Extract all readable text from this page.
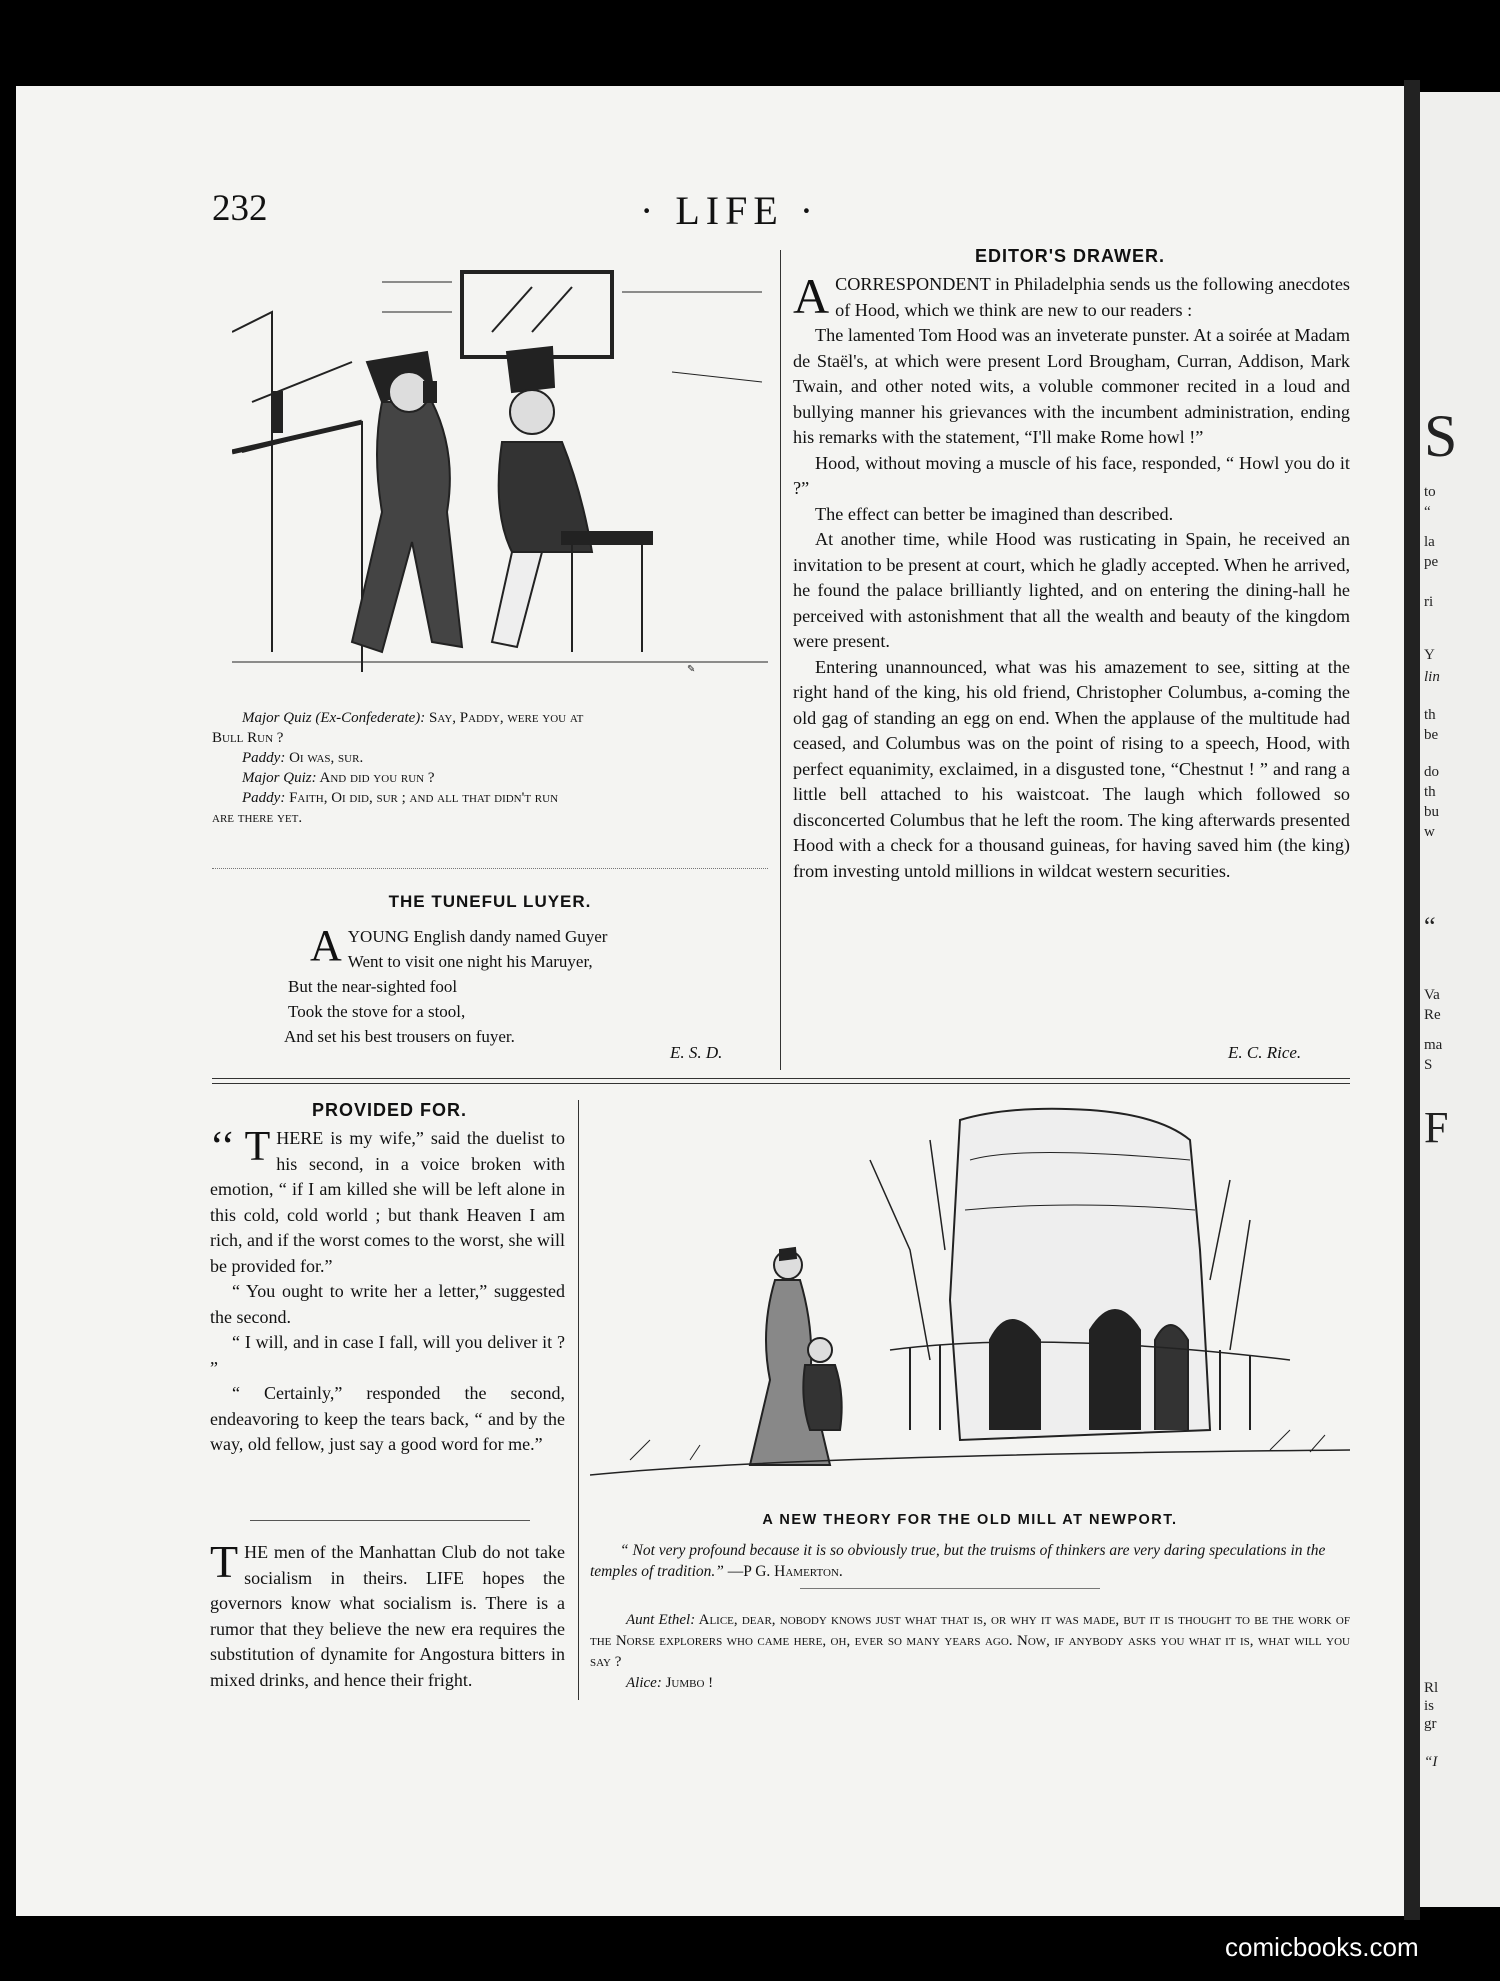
S
to
“
la
pe
ri
Y
lin
th
be
do
th
bu
w
“
Va
Re
ma
S
F
Rl
is
gr
“I
232	· LIFE ·
✎
Major Quiz (Ex-Confederate): Say, Paddy, were you at
Bull Run ?
Paddy: Oi was, sur.
Major Quiz: And did you run ?
Paddy: Faith, Oi did, sur ; and all that didn't run
are there yet.
THE TUNEFUL LUYER.
A YOUNG English dandy named Guyer
Went to visit one night his Maruyer,
But the near-sighted fool
Took the stove for a stool,
And set his best trousers on fuyer.
E. S. D.
EDITOR'S DRAWER.

ACORRESPONDENT in Philadelphia sends us the following anecdotes of Hood, which we think are new to our readers :

The lamented Tom Hood was an inveterate punster. At a soirée at Madam de Staël's, at which were present Lord Brougham, Curran, Addison, Mark Twain, and other noted wits, a voluble commoner recited in a loud and bullying manner his grievances with the incumbent administration, ending his remarks with the statement, “I'll make Rome howl !”

Hood, without moving a muscle of his face, responded, “ Howl you do it ?”

The effect can better be imagined than described.

At another time, while Hood was rusticating in Spain, he received an invitation to be present at court, which he gladly accepted. When he arrived, he found the palace brilliantly lighted, and on entering the dining-hall he perceived with astonishment that all the wealth and beauty of the kingdom were present.

Entering unannounced, what was his amazement to see, sitting at the right hand of the king, his old friend, Christopher Columbus, a-coming the old gag of standing an egg on end. When the applause of the multitude had ceased, and Columbus was on the point of rising to a speech, Hood, with perfect equanimity, exclaimed, in a disgusted tone, “Chestnut ! ” and rang a little bell attached to his waistcoat. The laugh which followed so disconcerted Columbus that he left the room. The king afterwards presented Hood with a check for a thousand guineas, for having saved him (the king) from investing untold millions in wildcat western securities.

E. C. Rice.
PROVIDED FOR.

‘‘ T HERE is my wife,” said the duelist to his second, in a voice broken with emotion, “ if I am killed she will be left alone in this cold, cold world ; but thank Heaven I am rich, and if the worst comes to the worst, she will be provided for.”

“ You ought to write her a letter,” suggested the second.

“ I will, and in case I fall, will you deliver it ? ”

“ Certainly,” responded the second, endeavoring to keep the tears back, “ and by the way, old fellow, just say a good word for me.”

THE men of the Manhattan Club do not take socialism in theirs. LIFE hopes the governors know what socialism is. There is a rumor that they believe the new era requires the substitution of dynamite for Angostura bitters in mixed drinks, and hence their fright.

A NEW THEORY FOR THE OLD MILL AT NEWPORT.
“ Not very profound because it is so obviously true, but the truisms of thinkers are very daring speculations in the temples of tradition.” —P G. Hamerton.
Aunt Ethel: Alice, dear, nobody knows just what that is, or why it was made, but it is thought to be the work of the Norse explorers who came here, oh, ever so many years ago. Now, if anybody asks you what it is, what will you say ?
Alice: Jumbo !
comicbooks.com
